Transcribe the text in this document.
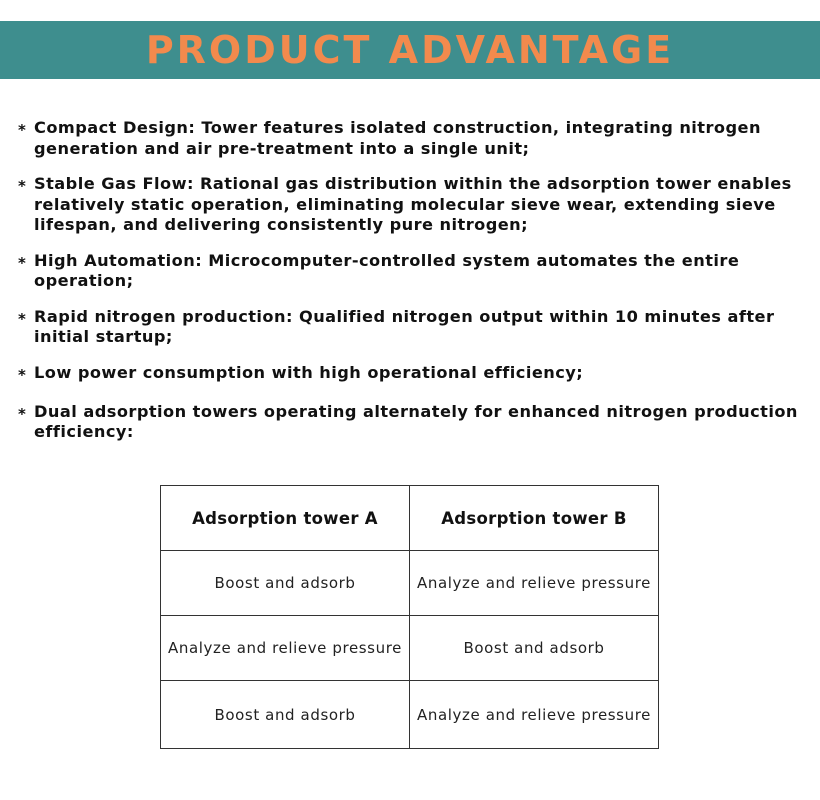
PRODUCT ADVANTAGE
* Compact Design: Tower features isolated construction, integrating nitrogen generation and air pre-treatment into a single unit;
* Stable Gas Flow: Rational gas distribution within the adsorption tower enables relatively static operation, eliminating molecular sieve wear, extending sieve lifespan, and delivering consistently pure nitrogen;
* High Automation: Microcomputer-controlled system automates the entire operation;
* Rapid nitrogen production: Qualified nitrogen output within 10 minutes after initial startup;
* Low power consumption with high operational efficiency;
* Dual adsorption towers operating alternately for enhanced nitrogen production efficiency:
Adsorption tower A	Adsorption tower B
Boost and adsorb	Analyze and relieve pressure
Analyze and relieve pressure	Boost and adsorb
Boost and adsorb	Analyze and relieve pressure
